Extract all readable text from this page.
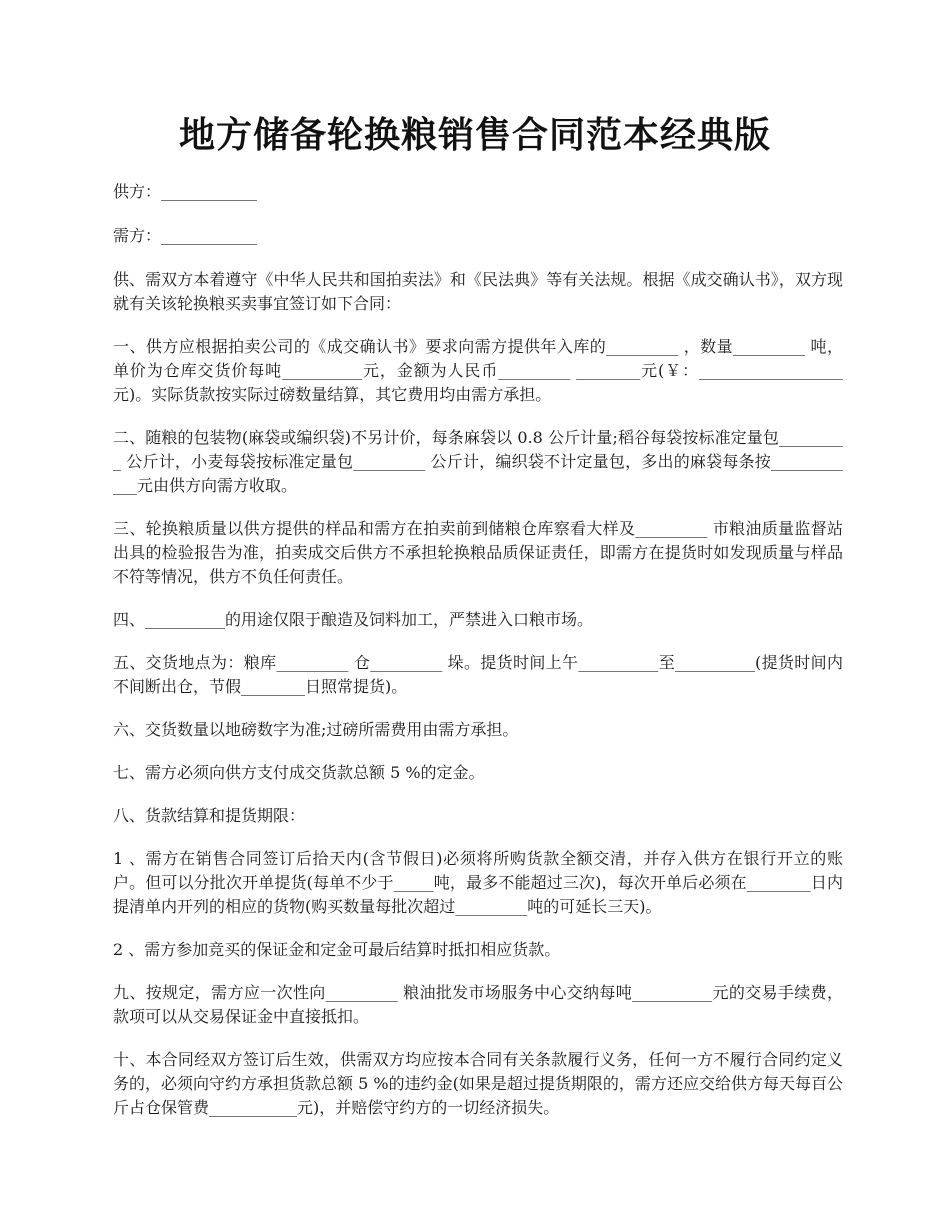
地方储备轮换粮销售合同范本经典版

供方：____________

需方：____________

供、需双方本着遵守《中华人民共和国拍卖法》和《民法典》等有关法规。根据《成交确认书》，双方现就有关该轮换粮买卖事宜签订如下合同：

一、供方应根据拍卖公司的《成交确认书》要求向需方提供年入库的_________ ，数量_________ 吨，单价为仓库交货价每吨__________元，金额为人民币_________ ________元(￥：__________________元)。实际货款按实际过磅数量结算，其它费用均由需方承担。

二、随粮的包装物(麻袋或编织袋)不另计价，每条麻袋以 0.8 公斤计量;稻谷每袋按标准定量包_________ 公斤计，小麦每袋按标准定量包_________ 公斤计，编织袋不计定量包，多出的麻袋每条按____________元由供方向需方收取。

三、轮换粮质量以供方提供的样品和需方在拍卖前到储粮仓库察看大样及_________ 市粮油质量监督站出具的检验报告为准，拍卖成交后供方不承担轮换粮品质保证责任，即需方在提货时如发现质量与样品不符等情况，供方不负任何责任。

四、__________的用途仅限于酿造及饲料加工，严禁进入口粮市场。

五、交货地点为：粮库_________ 仓_________ 垛。提货时间上午__________至__________(提货时间内不间断出仓，节假________日照常提货)。

六、交货数量以地磅数字为准;过磅所需费用由需方承担。

七、需方必须向供方支付成交货款总额 5 %的定金。

八、货款结算和提货期限：

1 、需方在销售合同签订后拾天内(含节假日)必须将所购货款全额交清，并存入供方在银行开立的账户。但可以分批次开单提货(每单不少于_____吨，最多不能超过三次)，每次开单后必须在________日内提清单内开列的相应的货物(购买数量每批次超过_________吨的可延长三天)。

2 、需方参加竞买的保证金和定金可最后结算时抵扣相应货款。

九、按规定，需方应一次性向_________ 粮油批发市场服务中心交纳每吨__________元的交易手续费，款项可以从交易保证金中直接抵扣。

十、本合同经双方签订后生效，供需双方均应按本合同有关条款履行义务，任何一方不履行合同约定义务的，必须向守约方承担货款总额 5 %的违约金(如果是超过提货期限的，需方还应交给供方每天每百公斤占仓保管费___________元)，并赔偿守约方的一切经济损失。
